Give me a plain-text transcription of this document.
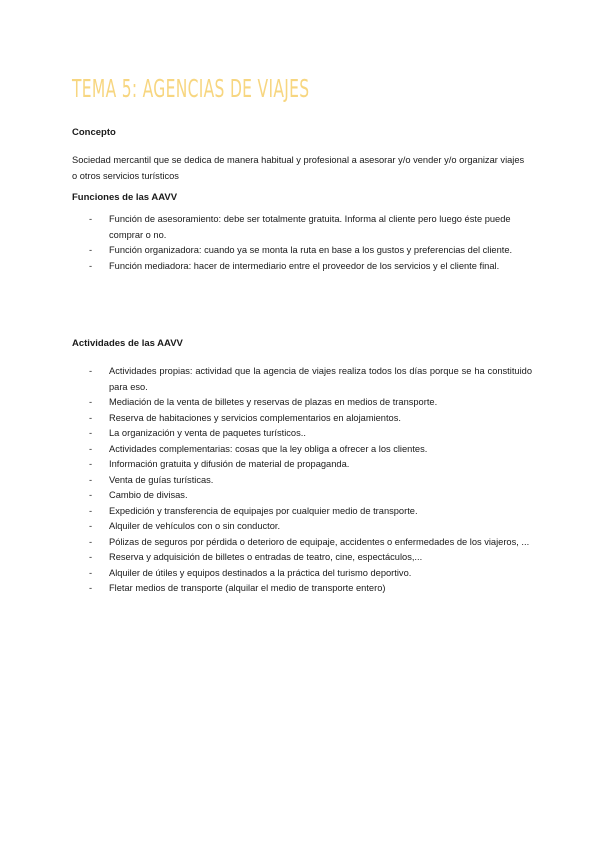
TEMA 5: AGENCIAS DE VIAJES

Concepto

Sociedad mercantil que se dedica de manera habitual y profesional a asesorar y/o vender y/o organizar viajes o otros servicios turísticos

Funciones de las AAVV

- Función de asesoramiento: debe ser totalmente gratuita. Informa al cliente pero luego éste puede comprar o no.
- Función organizadora: cuando ya se monta la ruta en base a los gustos y preferencias del cliente.
- Función mediadora: hacer de intermediario entre el proveedor de los servicios y el cliente final.

Actividades de las AAVV

- Actividades propias: actividad que la agencia de viajes realiza todos los días porque se ha constituido para eso.
- Mediación de la venta de billetes y reservas de plazas en medios de transporte.
- Reserva de habitaciones y servicios complementarios en alojamientos.
- La organización y venta de paquetes turísticos..
- Actividades complementarias: cosas que la ley obliga a ofrecer a los clientes.
- Información gratuita y difusión de material de propaganda.
- Venta de guías turísticas.
- Cambio de divisas.
- Expedición y transferencia de equipajes por cualquier medio de transporte.
- Alquiler de vehículos con o sin conductor.
- Pólizas de seguros por pérdida o deterioro de equipaje, accidentes o enfermedades de los viajeros, ...
- Reserva y adquisición de billetes o entradas de teatro, cine, espectáculos,...
- Alquiler de útiles y equipos destinados a la práctica del turismo deportivo.
- Fletar medios de transporte (alquilar el medio de transporte entero)
